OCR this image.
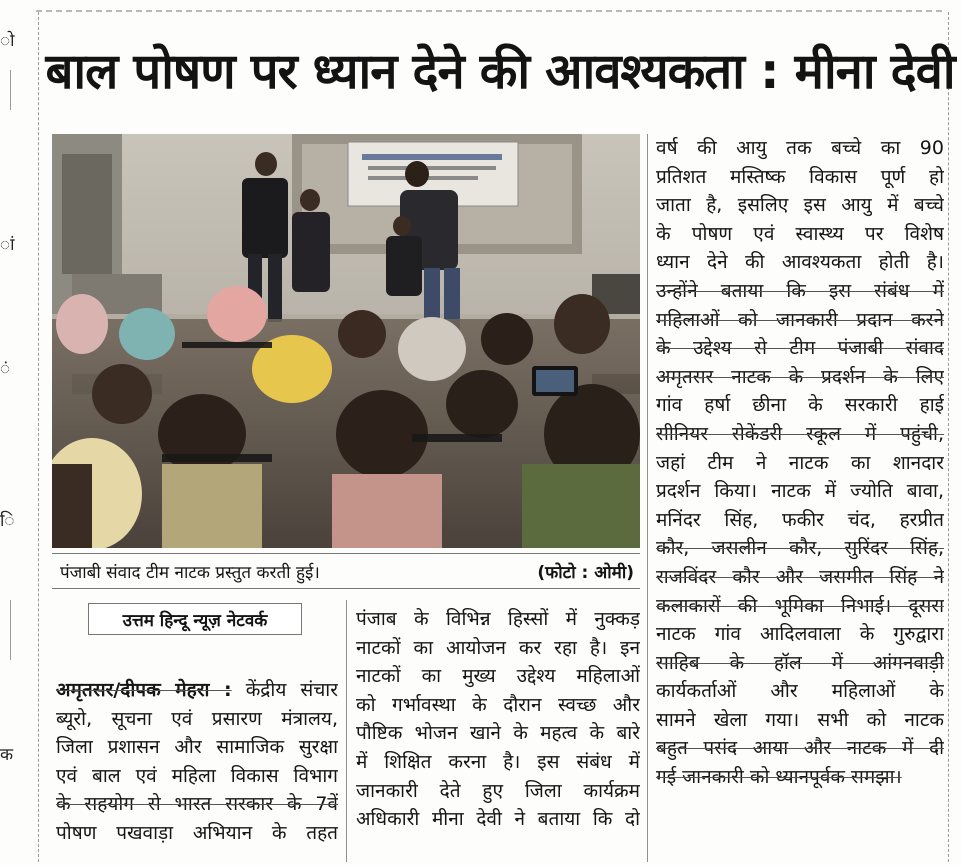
ो
ां
ं
ि
क
बाल पोषण पर ध्यान देने की आवश्यकता : मीना देवी
पंजाबी संवाद टीम नाटक प्रस्तुत करती हुई।	(फोटो : ओमी)
उत्तम हिन्दू न्यूज़ नेटवर्क
अमृतसर/दीपक मेहरा : केंद्रीय संचार
ब्यूरो, सूचना एवं प्रसारण मंत्रालय,
जिला प्रशासन और सामाजिक सुरक्षा
एवं बाल एवं महिला विकास विभाग
के सहयोग से भारत सरकार के 7वें
पोषण पखवाड़ा अभियान के तहत
पंजाब के विभिन्न हिस्सों में नुक्कड़
नाटकों का आयोजन कर रहा है। इन
नाटकों का मुख्य उद्देश्य महिलाओं
को गर्भावस्था के दौरान स्वच्छ और
पौष्टिक भोजन खाने के महत्व के बारे
में शिक्षित करना है। इस संबंध में
जानकारी देते हुए जिला कार्यक्रम
अधिकारी मीना देवी ने बताया कि दो
वर्ष की आयु तक बच्चे का 90
प्रतिशत मस्तिष्क विकास पूर्ण हो
जाता है, इसलिए इस आयु में बच्चे
के पोषण एवं स्वास्थ्य पर विशेष
ध्यान देने की आवश्यकता होती है।
उन्होंने बताया कि इस संबंध में
महिलाओं को जानकारी प्रदान करने
के उद्देश्य से टीम पंजाबी संवाद
अमृतसर नाटक के प्रदर्शन के लिए
गांव हर्षा छीना के सरकारी हाई
सीनियर सेकेंडरी स्कूल में पहुंची,
जहां टीम ने नाटक का शानदार
प्रदर्शन किया। नाटक में ज्योति बावा,
मनिंदर सिंह, फकीर चंद, हरप्रीत
कौर, जसलीन कौर, सुरिंदर सिंह,
राजविंदर कौर और जसमीत सिंह ने
कलाकारों की भूमिका निभाई। दूसरा
नाटक गांव आदिलवाला के गुरुद्वारा
साहिब के हॉल में आंगनवाड़ी
कार्यकर्ताओं और महिलाओं के
सामने खेला गया। सभी को नाटक
बहुत पसंद आया और नाटक में दी
गई जानकारी को ध्यानपूर्वक समझा।
